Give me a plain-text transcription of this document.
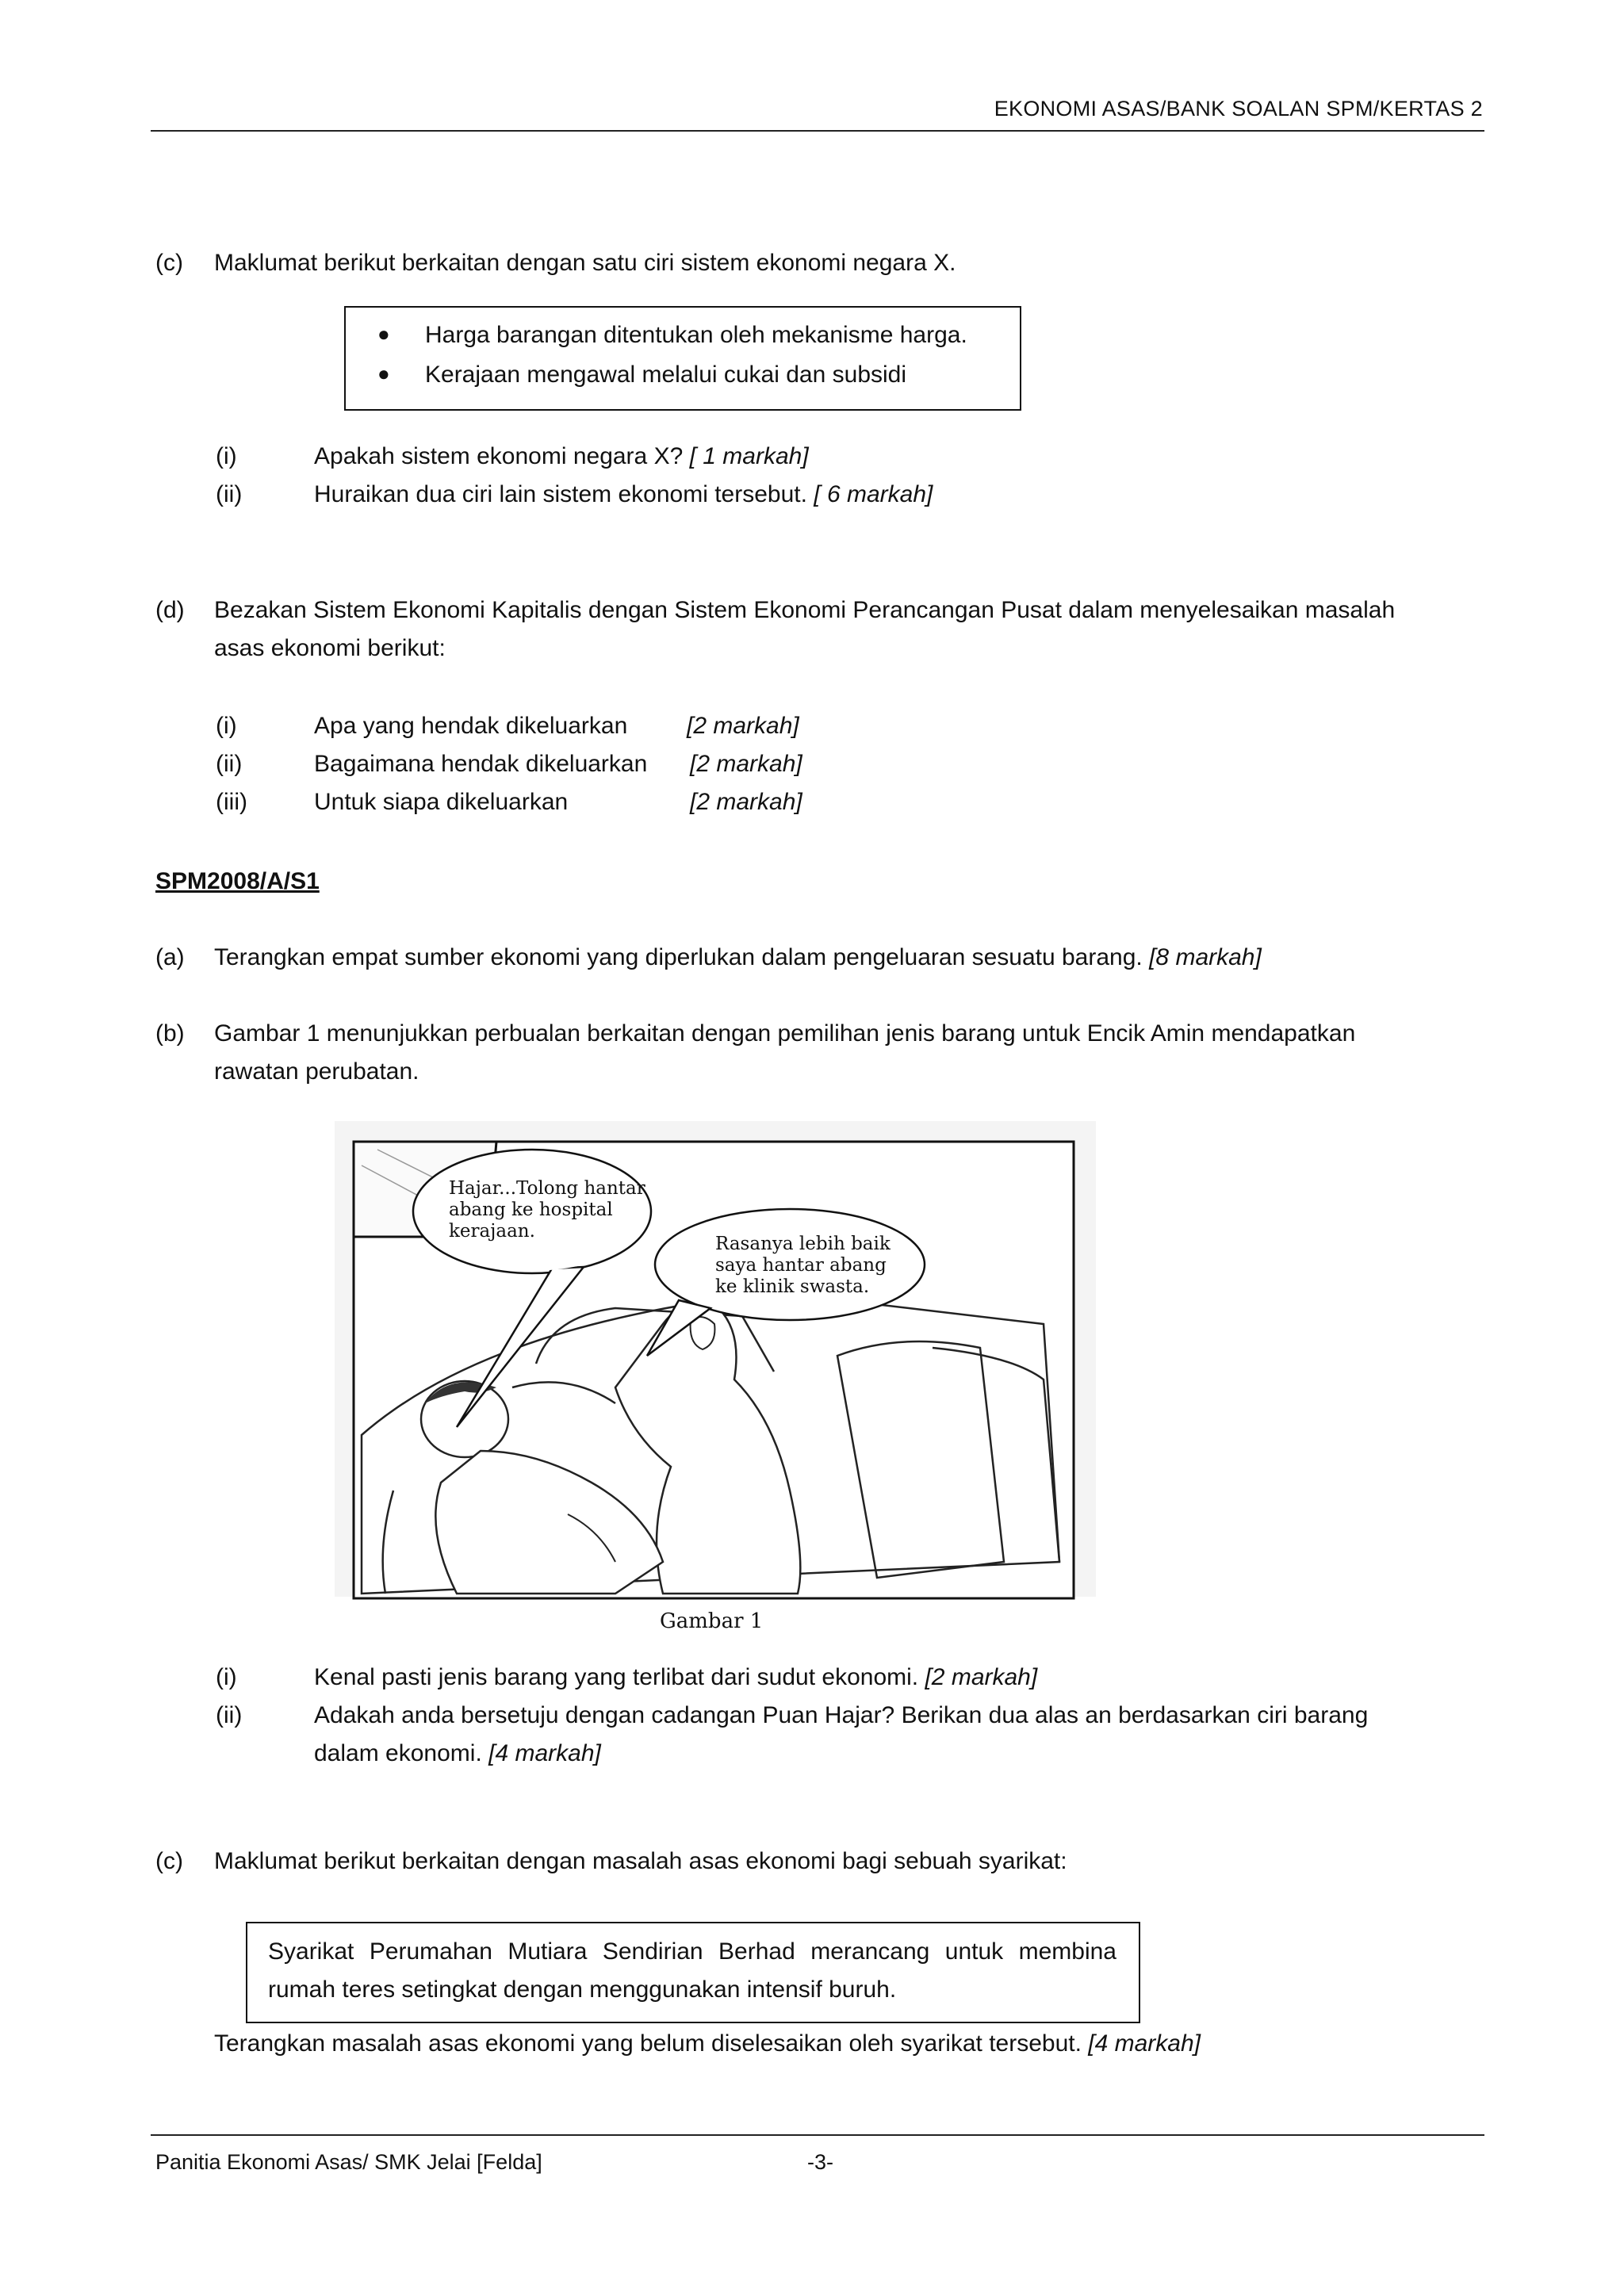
EKONOMI ASAS/BANK SOALAN SPM/KERTAS 2
(c) Maklumat berikut berkaitan dengan satu ciri sistem ekonomi negara X.
● Harga barangan ditentukan oleh mekanisme harga.
● Kerajaan mengawal melalui cukai dan subsidi
(i)	Apakah sistem ekonomi negara X? [ 1 markah]
(ii)	Huraikan dua ciri lain sistem ekonomi tersebut. [ 6 markah]
(d) Bezakan Sistem Ekonomi Kapitalis dengan Sistem Ekonomi Perancangan Pusat dalam menyelesaikan masalah
asas ekonomi berikut:
(i)	Apa yang hendak dikeluarkan [2 markah]
(ii)	Bagaimana hendak dikeluarkan [2 markah]
(iii)	Untuk siapa dikeluarkan	[2 markah]
SPM2008/A/S1
(a) Terangkan empat sumber ekonomi yang diperlukan dalam pengeluaran sesuatu barang. [8 markah]
(b) Gambar 1 menunjukkan perbualan berkaitan dengan pemilihan jenis barang untuk Encik Amin mendapatkan
rawatan perubatan.
Hajar...Tolong hantar
abang ke hospital
kerajaan.
Rasanya lebih baik
saya hantar abang
ke klinik swasta.
Gambar 1
(i)	Kenal pasti jenis barang yang terlibat dari sudut ekonomi. [2 markah]
(ii)	Adakah anda bersetuju dengan cadangan Puan Hajar? Berikan dua alas an berdasarkan ciri barang
dalam ekonomi. [4 markah]
(c) Maklumat berikut berkaitan dengan masalah asas ekonomi bagi sebuah syarikat:
Syarikat Perumahan Mutiara Sendirian Berhad merancang untuk membina
rumah teres setingkat dengan menggunakan intensif buruh.
Terangkan masalah asas ekonomi yang belum diselesaikan oleh syarikat tersebut. [4 markah]
Panitia Ekonomi Asas/ SMK Jelai [Felda]	-3-
